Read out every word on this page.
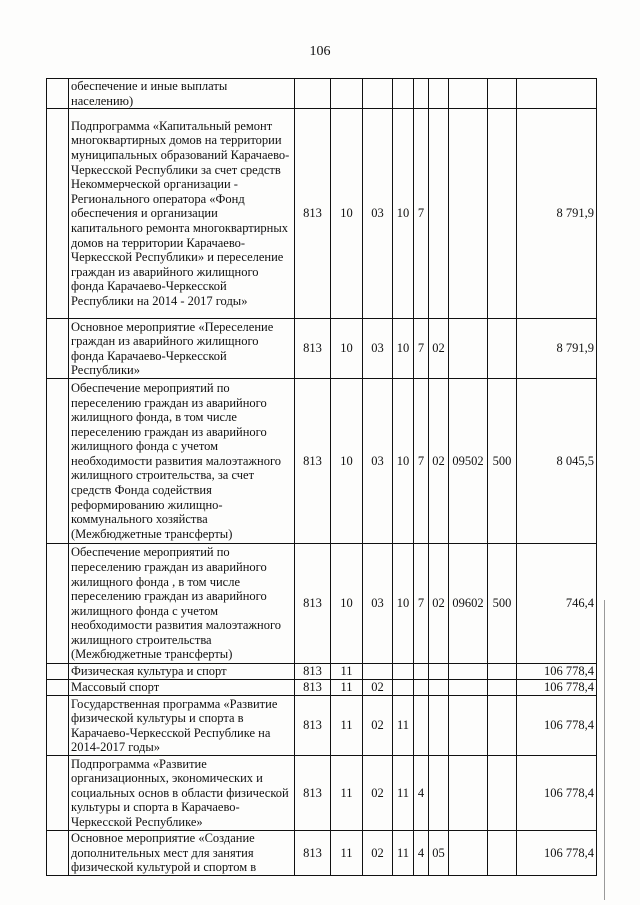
106
	обеспечение и иные выплаты населению)									
	Подпрограмма «Капитальный ремонт многоквартирных домов на территории муниципальных образований Карачаево-Черкесской Республики за счет средств Некоммерческой организации - Регионального оператора «Фонд обеспечения и организации капитального ремонта многоквартирных домов на территории Карачаево-Черкесской Республики» и переселение граждан из аварийного жилищного фонда Карачаево-Черкесской Республики на 2014 - 2017 годы»	813	10	03	10	7				8 791,9
	Основное мероприятие «Переселение граждан из аварийного жилищного фонда Карачаево-Черкесской Республики»	813	10	03	10	7	02			8 791,9
	Обеспечение мероприятий по переселению граждан из аварийного жилищного фонда, в том числе переселению граждан из аварийного жилищного фонда с учетом необходимости развития малоэтажного жилищного строительства, за счет средств Фонда содействия реформированию жилищно-коммунального хозяйства (Межбюджетные трансферты)	813	10	03	10	7	02	09502	500	8 045,5
	Обеспечение мероприятий по переселению граждан из аварийного жилищного фонда , в том числе переселению граждан из аварийного жилищного фонда с учетом необходимости развития малоэтажного жилищного строительства (Межбюджетные трансферты)	813	10	03	10	7	02	09602	500	746,4
	Физическая культура и спорт	813	11							106 778,4
	Массовый спорт	813	11	02						106 778,4
	Государственная программа «Развитие физической культуры и спорта в Карачаево-Черкесской Республике на 2014-2017 годы»	813	11	02	11					106 778,4
	Подпрограмма «Развитие организационных, экономических и социальных основ в области физической культуры и спорта в Карачаево-Черкесской Республике»	813	11	02	11	4				106 778,4
	Основное мероприятие «Создание дополнительных мест для занятия физической культурой и спортом в	813	11	02	11	4	05			106 778,4
